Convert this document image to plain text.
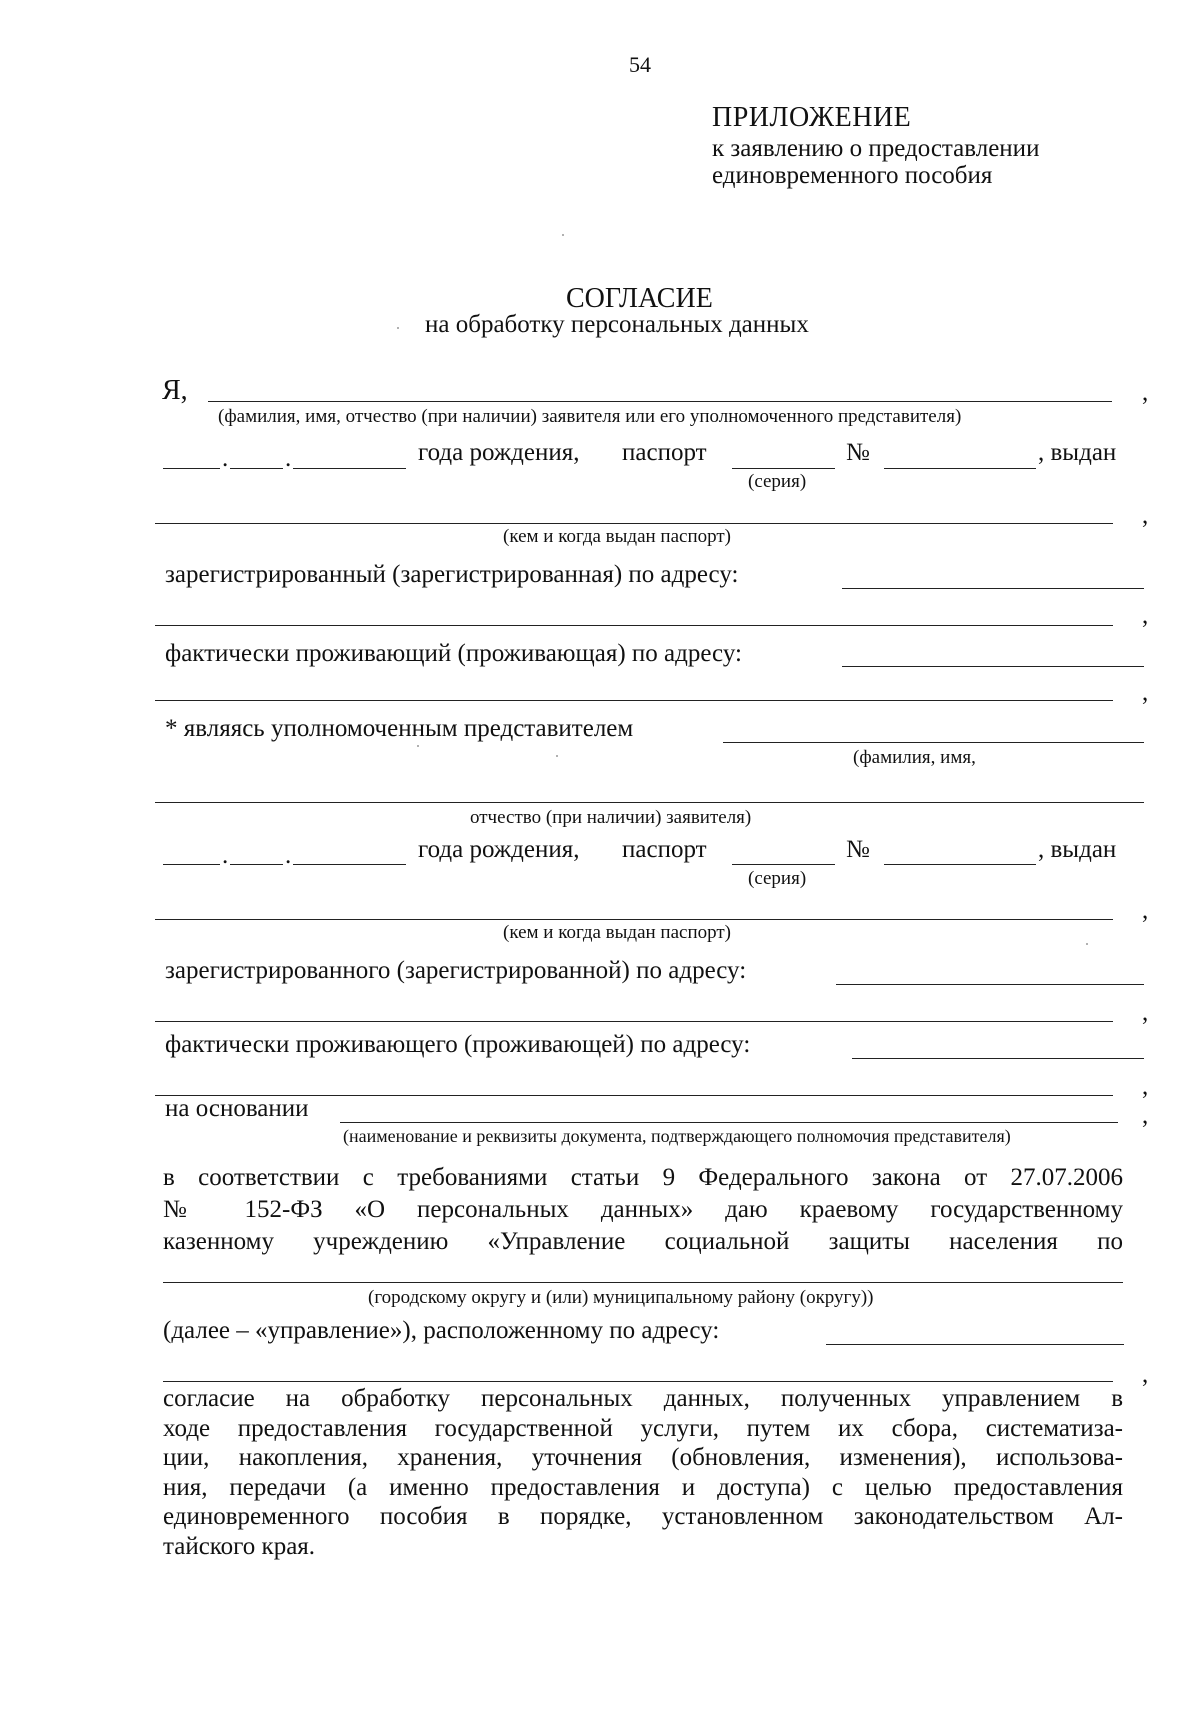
54
ПРИЛОЖЕНИЕ
к заявлению о предоставлении
единовременного пособия
СОГЛАСИЕ
на обработку персональных данных
Я,	,
(фамилия, имя, отчество (при наличии) заявителя или его уполномоченного представителя)
. .	года рождения, паспорт
(серия)
№	, выдан
,
(кем и когда выдан паспорт)
зарегистрированный (зарегистрированная) по адресу:
,
фактически проживающий (проживающая) по адресу:
,
* являясь уполномоченным представителем
(фамилия, имя,
отчество (при наличии) заявителя)
. .	года рождения, паспорт
(серия)
№	, выдан
,
(кем и когда выдан паспорт)
зарегистрированного (зарегистрированной) по адресу:
,
фактически проживающего (проживающей) по адресу:
,
на основании	,
(наименование и реквизиты документа, подтверждающего полномочия представителя)
в соответствии с требованиями статьи 9 Федерального закона от 27.07.2006
№ 152-ФЗ «О персональных данных» даю краевому государственному
казенному учреждению «Управление социальной защиты населения по
(городскому округу и (или) муниципальному району (округу))
(далее – «управление»), расположенному по адресу:
,
согласие на обработку персональных данных, полученных управлением в
ходе предоставления государственной услуги, путем их сбора, систематиза-
ции, накопления, хранения, уточнения (обновления, изменения), использова-
ния, передачи (а именно предоставления и доступа) с целью предоставления
единовременного пособия в порядке, установленном законодательством Ал-
тайского края.
